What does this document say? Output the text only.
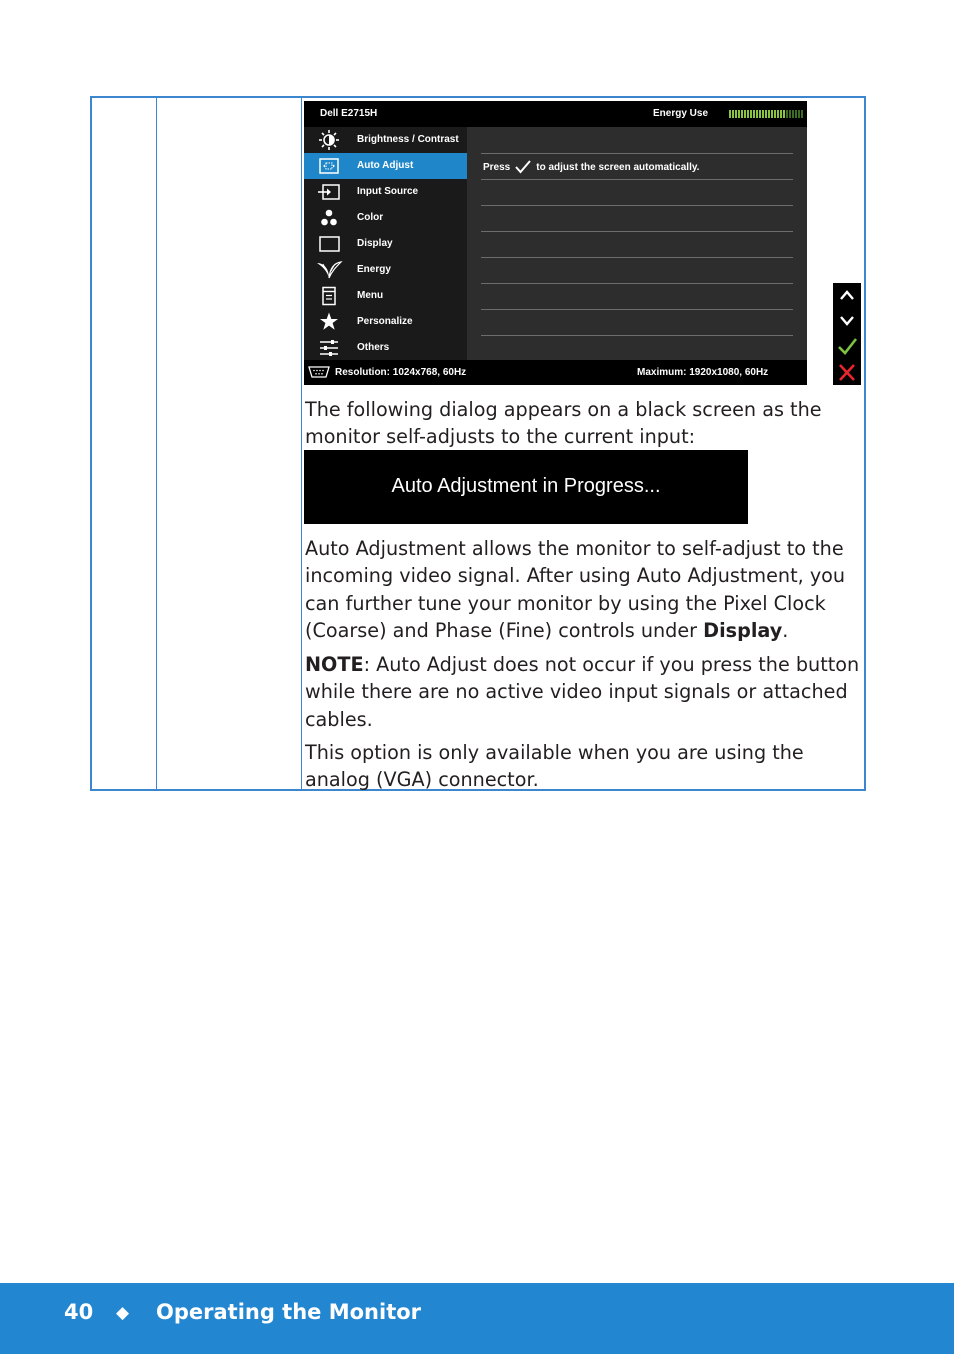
Dell E2715H	Energy Use
Brightness / Contrast
Auto Adjust
Input Source
Color
Display
Energy
Menu
Personalize
Others
Press	to adjust the screen automatically.
Resolution: 1024x768, 60Hz	Maximum: 1920x1080, 60Hz

The following dialog appears on a black screen as the monitor self-adjusts to the current input:

Auto Adjustment in Progress...

Auto Adjustment allows the monitor to self-adjust to the incoming video signal. After using Auto Adjustment, you can further tune your monitor by using the Pixel Clock (Coarse) and Phase (Fine) controls under Display.

NOTE: Auto Adjust does not occur if you press the button while there are no active video input signals or attached cables.

This option is only available when you are using the analog (VGA) connector.

40 ◆ Operating the Monitor
